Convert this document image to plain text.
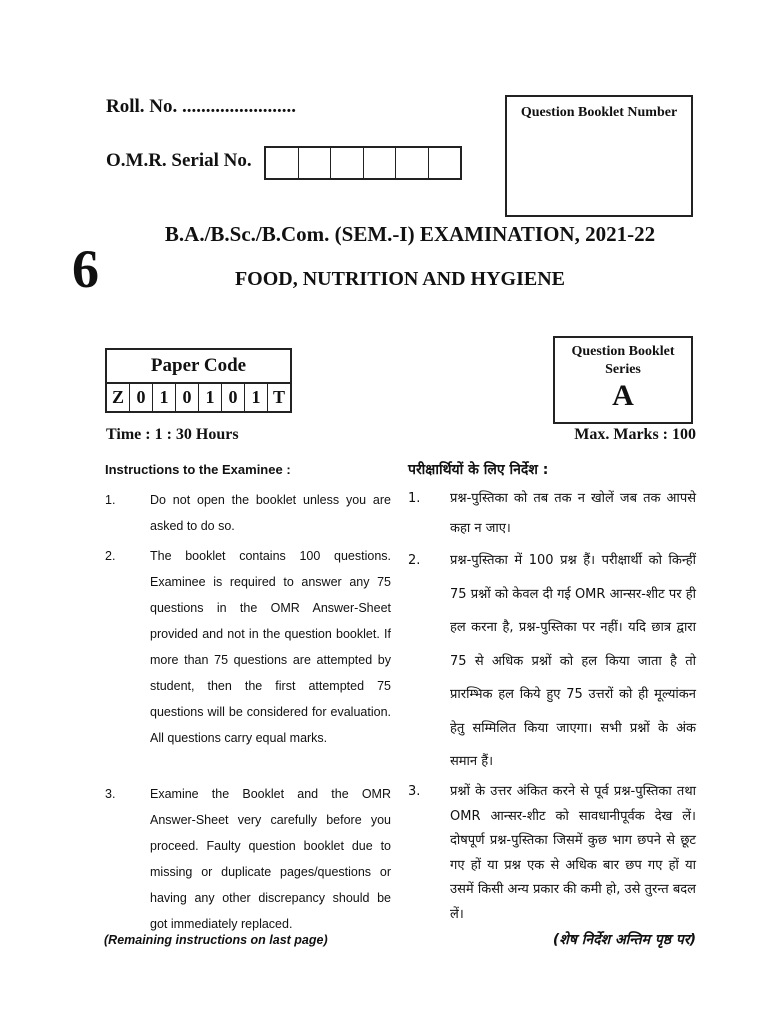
Roll. No. ........................
O.M.R. Serial No.
Question Booklet Number
6
B.A./B.Sc./B.Com. (SEM.-I) EXAMINATION, 2021-22
FOOD, NUTRITION AND HYGIENE
Paper Code
Z 0 1 0 1 0 1 T
Question Booklet Series
A
Time : 1 : 30 Hours	Max. Marks : 100
Instructions to the Examinee :	परीक्षार्थियों के लिए निर्देश :
1.	Do not open the booklet unless you are asked to do so.
2.	The booklet contains 100 questions. Examinee is required to answer any 75 questions in the OMR Answer-Sheet provided and not in the question booklet. If more than 75 questions are attempted by student, then the first attempted 75 questions will be considered for evaluation. All questions carry equal marks.
3.	Examine the Booklet and the OMR Answer-Sheet very carefully before you proceed. Faulty question booklet due to missing or duplicate pages/questions or having any other discrepancy should be got immediately replaced.
1.	प्रश्न-पुस्तिका को तब तक न खोलें जब तक आपसे कहा न जाए।
2.	प्रश्न-पुस्तिका में 100 प्रश्न हैं। परीक्षार्थी को किन्हीं 75 प्रश्नों को केवल दी गई OMR आन्सर-शीट पर ही हल करना है, प्रश्न-पुस्तिका पर नहीं। यदि छात्र द्वारा 75 से अधिक प्रश्नों को हल किया जाता है तो प्रारम्भिक हल किये हुए 75 उत्तरों को ही मूल्यांकन हेतु सम्मिलित किया जाएगा। सभी प्रश्नों के अंक समान हैं।
3.	प्रश्नों के उत्तर अंकित करने से पूर्व प्रश्न-पुस्तिका तथा OMR आन्सर-शीट को सावधानीपूर्वक देख लें। दोषपूर्ण प्रश्न-पुस्तिका जिसमें कुछ भाग छपने से छूट गए हों या प्रश्न एक से अधिक बार छप गए हों या उसमें किसी अन्य प्रकार की कमी हो, उसे तुरन्त बदल लें।
(Remaining instructions on last page)	(शेष निर्देश अन्तिम पृष्ठ पर)
